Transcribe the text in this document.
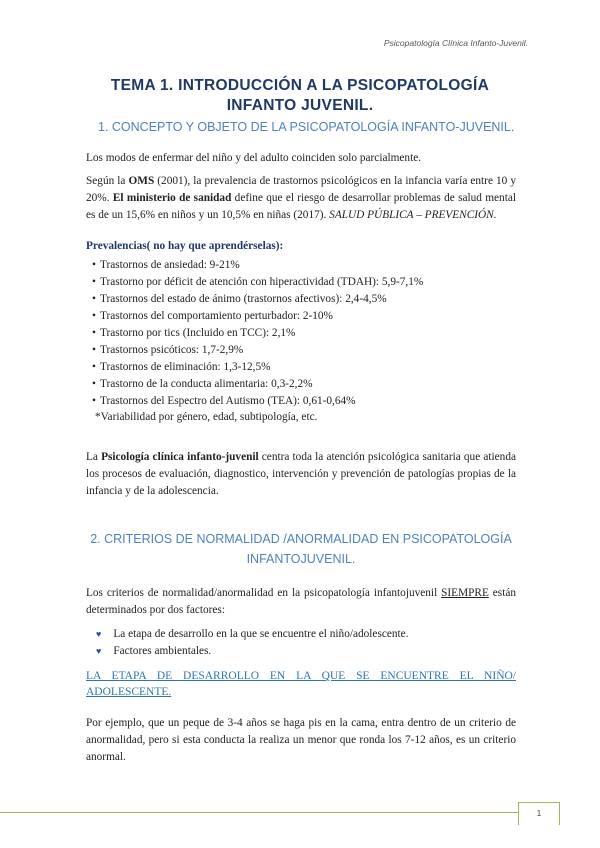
Psicopatología Clínica Infanto-Juvenil.
TEMA 1. INTRODUCCIÓN A LA PSICOPATOLOGÍA
INFANTO JUVENIL.
1. CONCEPTO Y OBJETO DE LA PSICOPATOLOGÍA INFANTO-JUVENIL.

Los modos de enfermar del niño y del adulto coinciden solo parcialmente.

Según la OMS (2001), la prevalencia de trastornos psicológicos en la infancia varía entre 10 y 20%. El ministerio de sanidad define que el riesgo de desarrollar problemas de salud mental es de un 15,6% en niños y un 10,5% en niñas (2017). SALUD PÚBLICA – PREVENCIÓN.

Prevalencias( no hay que aprendérselas):
• Trastornos de ansiedad: 9-21%
• Trastorno por déficit de atención con hiperactividad (TDAH): 5,9-7,1%
• Trastornos del estado de ánimo (trastornos afectivos): 2,4-4,5%
• Trastornos del comportamiento perturbador: 2-10%
• Trastorno por tics (Incluido en TCC): 2,1%
• Trastornos psicóticos: 1,7-2,9%
• Trastornos de eliminación: 1,3-12,5%
• Trastorno de la conducta alimentaria: 0,3-2,2%
• Trastornos del Espectro del Autismo (TEA): 0,61-0,64%
*Variabilidad por género, edad, subtipología, etc.

La Psicología clínica infanto-juvenil centra toda la atención psicológica sanitaria que atienda los procesos de evaluación, diagnostico, intervención y prevención de patologías propias de la infancia y de la adolescencia.

2. CRITERIOS DE NORMALIDAD /ANORMALIDAD EN PSICOPATOLOGÍA
INFANTOJUVENIL.

Los criterios de normalidad/anormalidad en la psicopatología infantojuvenil SIEMPRE están determinados por dos factores:

♥ La etapa de desarrollo en la que se encuentre el niño/adolescente.
♥ Factores ambientales.
LA ETAPA DE DESARROLLO EN LA QUE SE ENCUENTRE EL NIÑO/ ADOLESCENTE.

Por ejemplo, que un peque de 3-4 años se haga pis en la cama, entra dentro de un criterio de anormalidad, pero si esta conducta la realiza un menor que ronda los 7-12 años, es un criterio anormal.

1
